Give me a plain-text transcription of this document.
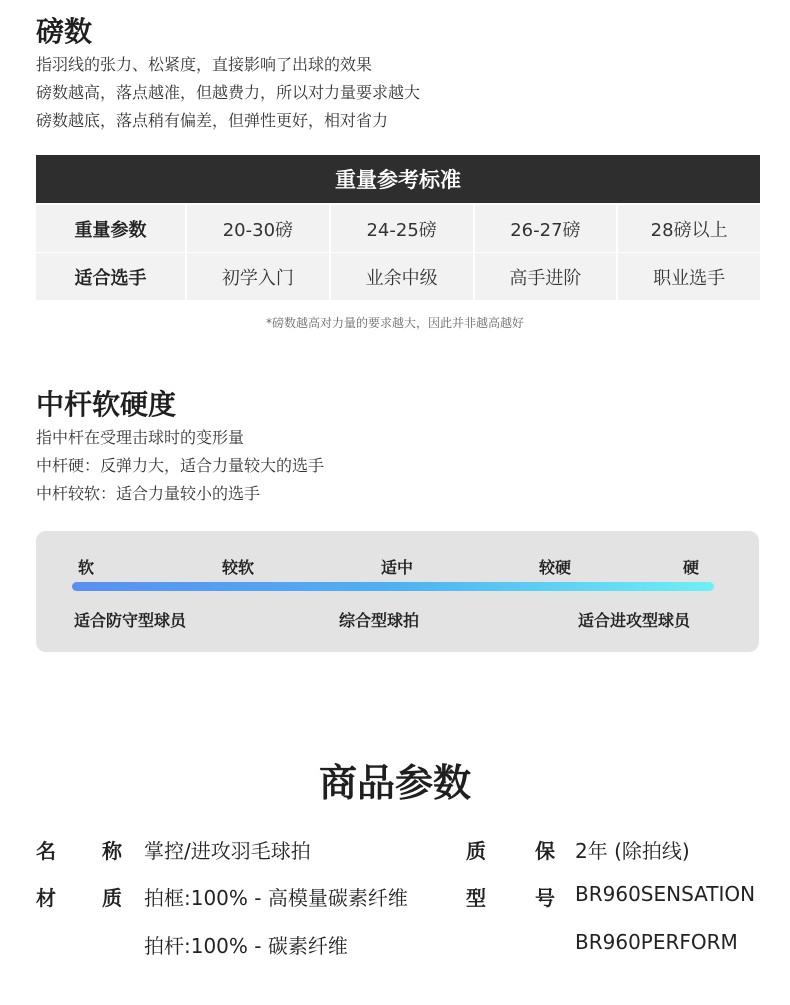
磅数
指羽线的张力、松紧度，直接影响了出球的效果
磅数越高，落点越准，但越费力，所以对力量要求越大
磅数越底，落点稍有偏差，但弹性更好，相对省力
重量参考标准
重量参数	20-30磅	24-25磅	26-27磅	28磅以上
适合选手	初学入门	业余中级	高手进阶	职业选手
*磅数越高对力量的要求越大，因此并非越高越好
中杆软硬度
指中杆在受理击球时的变形量
中杆硬：反弹力大，适合力量较大的选手
中杆较软：适合力量较小的选手
软	较软	适中	较硬	硬
适合防守型球员	综合型球拍	适合进攻型球员
商品参数
名 称 掌控/进攻羽毛球拍	质 保 2年 (除拍线)
材 质 拍框:100% - 高模量碳素纤维
拍杆:100% - 碳素纤维
型 号 BR960SENSATION
BR960PERFORM
